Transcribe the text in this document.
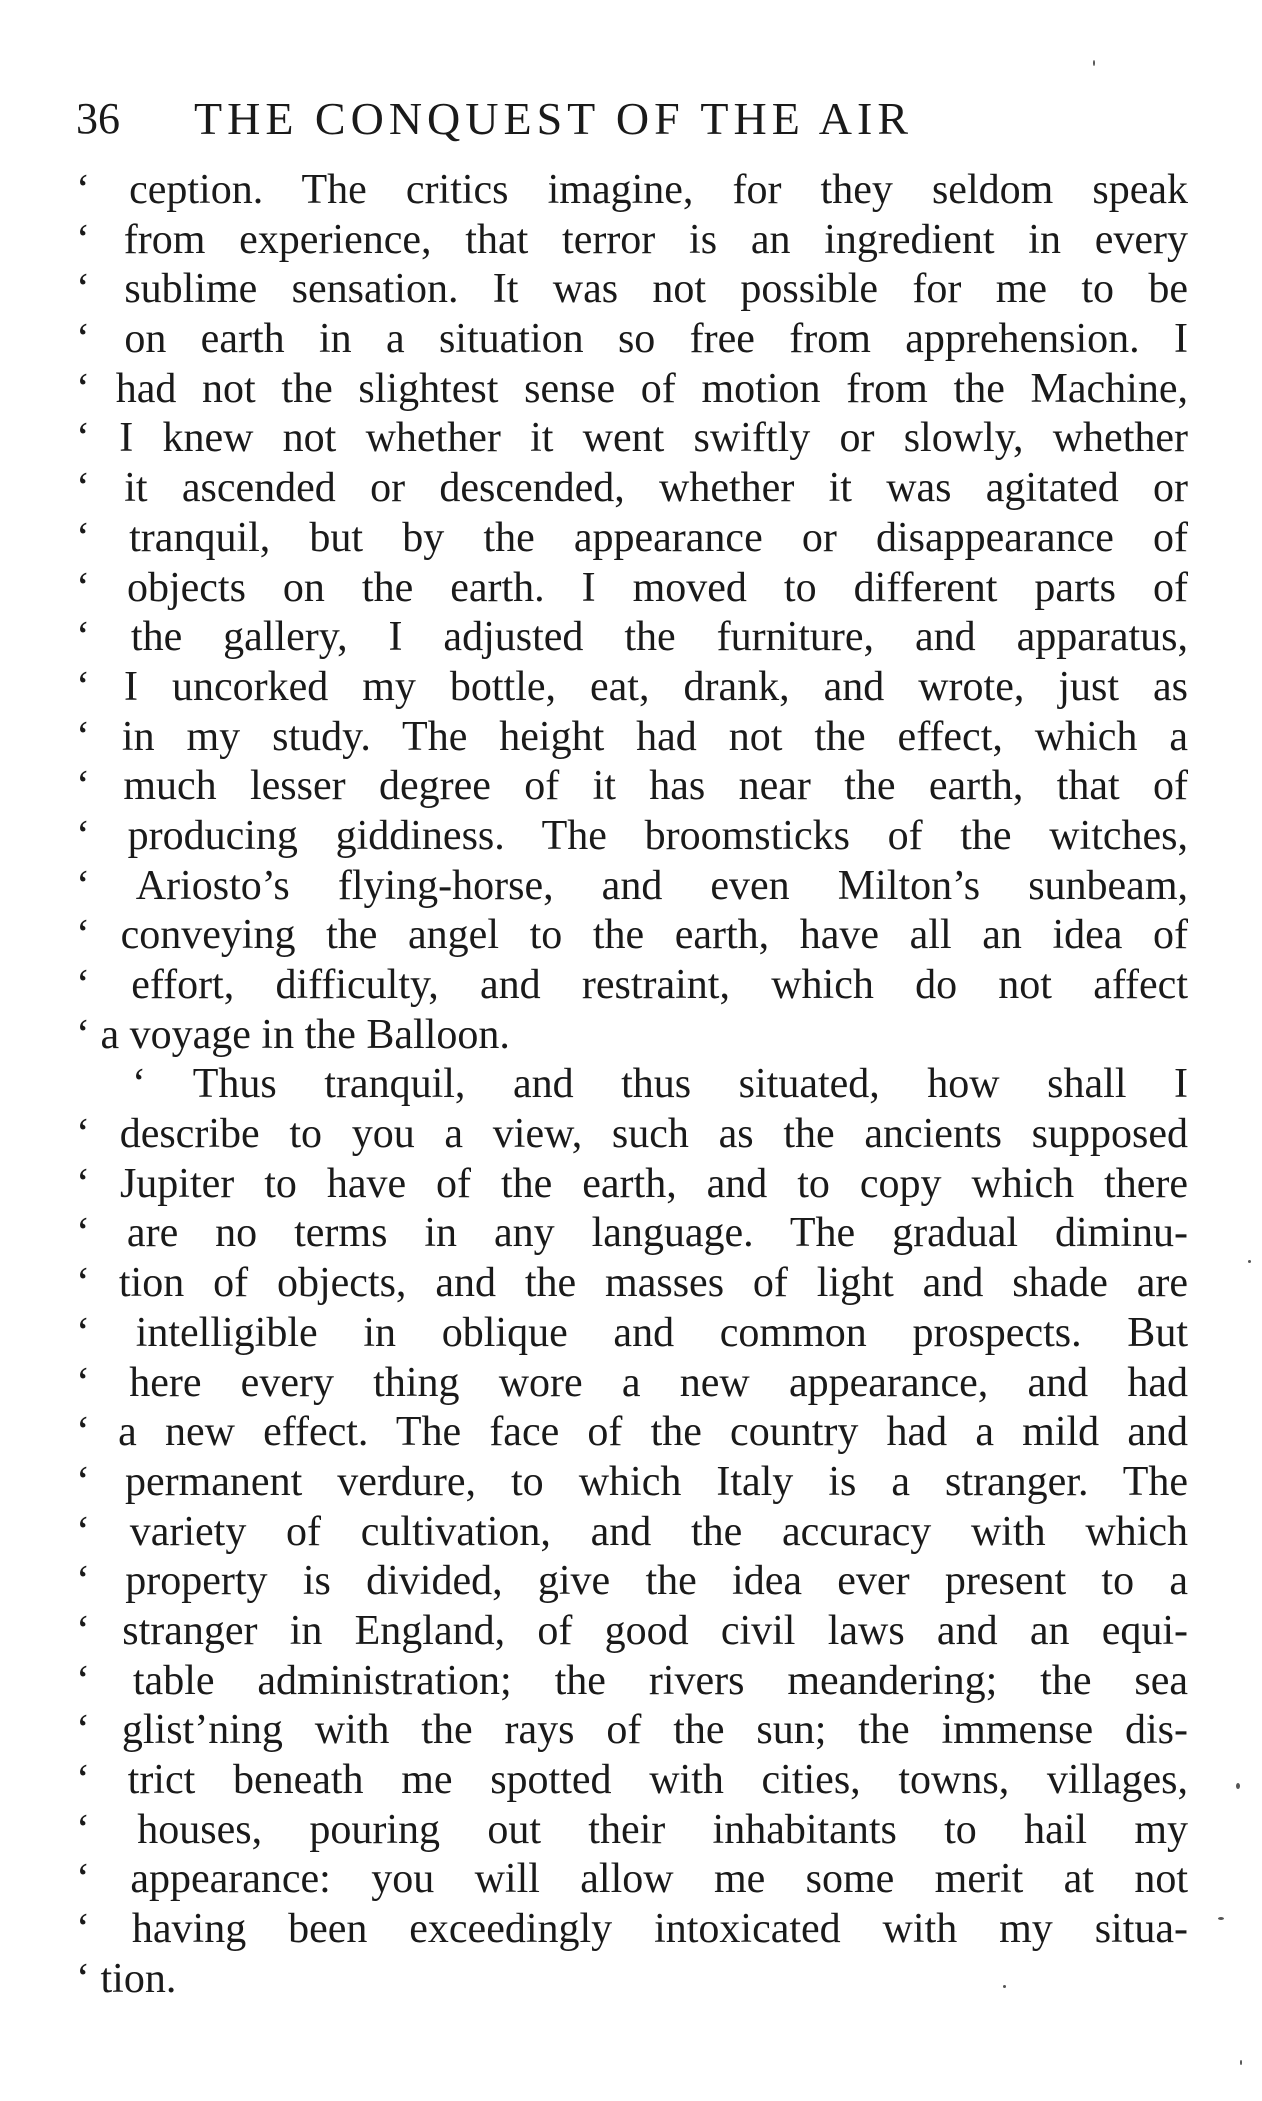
36 THE CONQUEST OF THE AIR
‘ ception. The critics imagine, for they seldom speak
‘ from experience, that terror is an ingredient in every
‘ sublime sensation. It was not possible for me to be
‘ on earth in a situation so free from apprehension. I
‘ had not the slightest sense of motion from the Machine,
‘ I knew not whether it went swiftly or slowly, whether
‘ it ascended or descended, whether it was agitated or
‘ tranquil, but by the appearance or disappearance of
‘ objects on the earth. I moved to different parts of
‘ the gallery, I adjusted the furniture, and apparatus,
‘ I uncorked my bottle, eat, drank, and wrote, just as
‘ in my study. The height had not the effect, which a
‘ much lesser degree of it has near the earth, that of
‘ producing giddiness. The broomsticks of the witches,
‘ Ariosto’s flying-horse, and even Milton’s sunbeam,
‘ conveying the angel to the earth, have all an idea of
‘ effort, difficulty, and restraint, which do not affect
‘ a voyage in the Balloon.
‘ Thus tranquil, and thus situated, how shall I
‘ describe to you a view, such as the ancients supposed
‘ Jupiter to have of the earth, and to copy which there
‘ are no terms in any language. The gradual diminu-
‘ tion of objects, and the masses of light and shade are
‘ intelligible in oblique and common prospects. But
‘ here every thing wore a new appearance, and had
‘ a new effect. The face of the country had a mild and
‘ permanent verdure, to which Italy is a stranger. The
‘ variety of cultivation, and the accuracy with which
‘ property is divided, give the idea ever present to a
‘ stranger in England, of good civil laws and an equi-
‘ table administration; the rivers meandering; the sea
‘ glist’ning with the rays of the sun; the immense dis-
‘ trict beneath me spotted with cities, towns, villages,
‘ houses, pouring out their inhabitants to hail my
‘ appearance: you will allow me some merit at not
‘ having been exceedingly intoxicated with my situa-
‘ tion.
